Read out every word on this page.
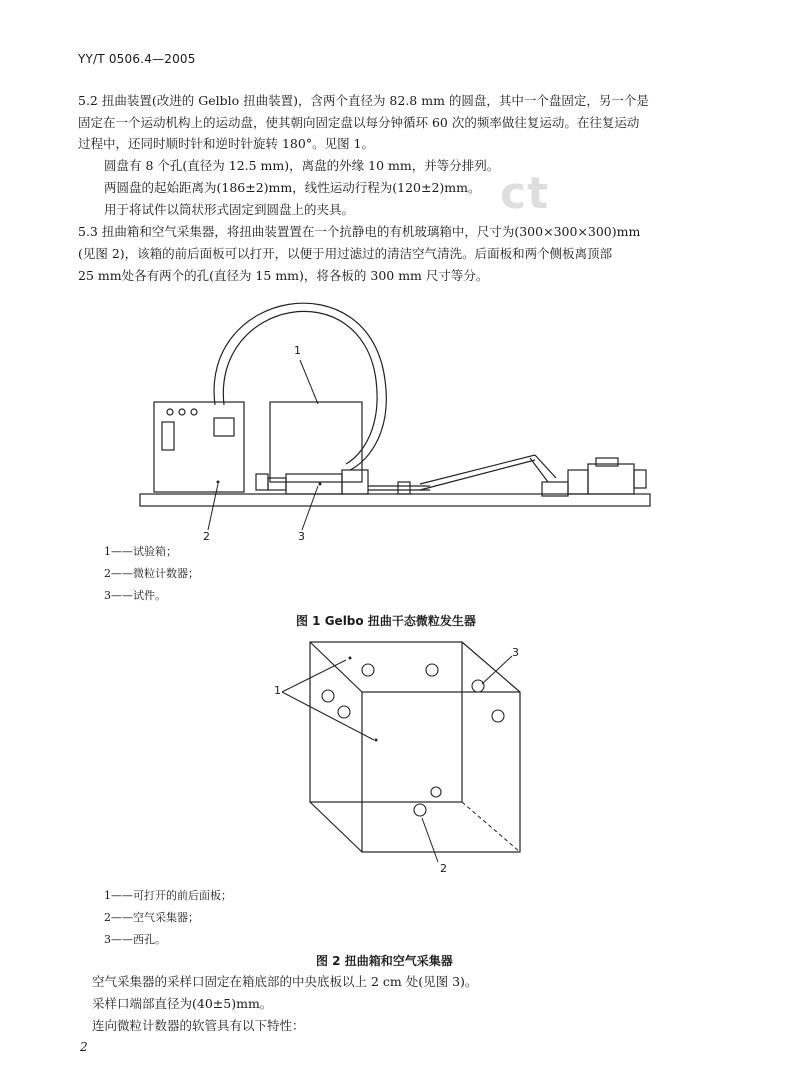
YY/T 0506.4—2005
ct
5.2 扭曲装置(改进的 Gelblo 扭曲装置)，含两个直径为 82.8 mm 的圆盘，其中一个盘固定，另一个是
固定在一个运动机构上的运动盘，使其朝向固定盘以每分钟循环 60 次的频率做往复运动。在往复运动
过程中，还同时顺时针和逆时针旋转 180°。见图 1。
圆盘有 8 个孔(直径为 12.5 mm)，离盘的外缘 10 mm，并等分排列。
两圆盘的起始距离为(186±2)mm，线性运动行程为(120±2)mm。
用于将试件以筒状形式固定到圆盘上的夹具。
5.3 扭曲箱和空气采集器，将扭曲装置置在一个抗静电的有机玻璃箱中，尺寸为(300×300×300)mm
(见图 2)，该箱的前后面板可以打开，以便于用过滤过的清洁空气清洗。后面板和两个侧板离顶部
25 mm处各有两个的孔(直径为 15 mm)，将各板的 300 mm 尺寸等分。
1
2	3
1——试验箱；
2——微粒计数器；
3——试件。
图 1 Gelbo 扭曲干态微粒发生器
1
2
3
1——可打开的前后面板；
2——空气采集器；
3——西孔。
图 2 扭曲箱和空气采集器
空气采集器的采样口固定在箱底部的中央底板以上 2 cm 处(见图 3)。
采样口端部直径为(40±5)mm。
连向微粒计数器的软管具有以下特性：
2
